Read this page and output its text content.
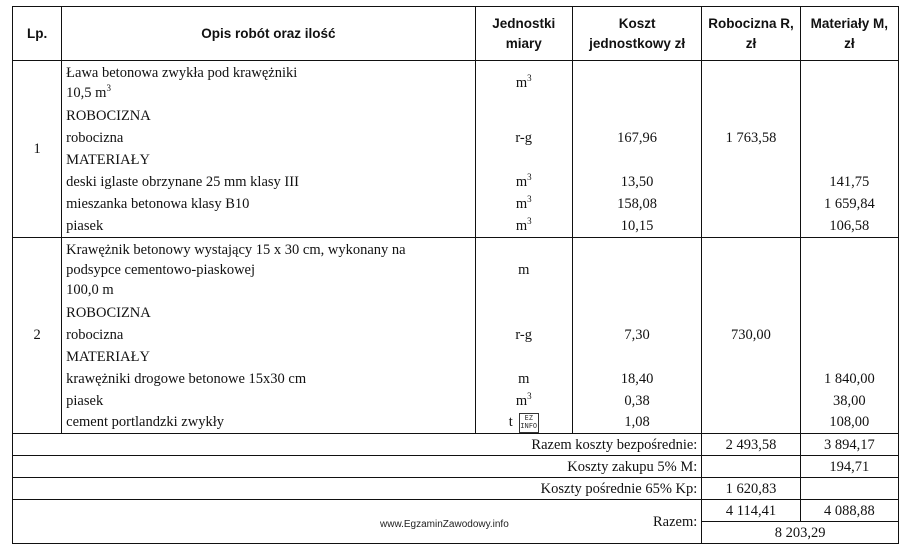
Lp.	Opis robót oraz ilość	Jednostki miary	Koszt jednostkowy zł	Robocizna R, zł	Materiały M, zł
1	Ława betonowa zwykła pod krawężniki
10,5 $m^3$	$m^3$			
	ROBOCIZNA				
	robocizna	r-g	167,96	1 763,58	
	MATERIAŁY				
	deski iglaste obrzynane 25 mm klasy III	$m^3$	13,50		141,75
	mieszanka betonowa klasy B10	$m^3$	158,08		1 659,84
	piasek	$m^3$	10,15		106,58
2	Krawężnik betonowy wystający 15 x 30 cm, wykonany na
podsypce cementowo-piaskowej
100,0 m	m			
	ROBOCIZNA				
	robocizna	r-g	7,30	730,00	
	MATERIAŁY				
	krawężniki drogowe betonowe 15x30 cm	m	18,40		1 840,00
	piasek	$m^3$	0,38		38,00
	cement portlandzki zwykły	t EZ INFO	1,08		108,00
Razem koszty bezpośrednie:				2 493,58	3 894,17
Koszty zakupu 5% M:					194,71
Koszty pośrednie 65% Kp:				1 620,83	
Razem:				4 114,41	4 088,88
				8 203,29	
www.EgzaminZawodowy.info
